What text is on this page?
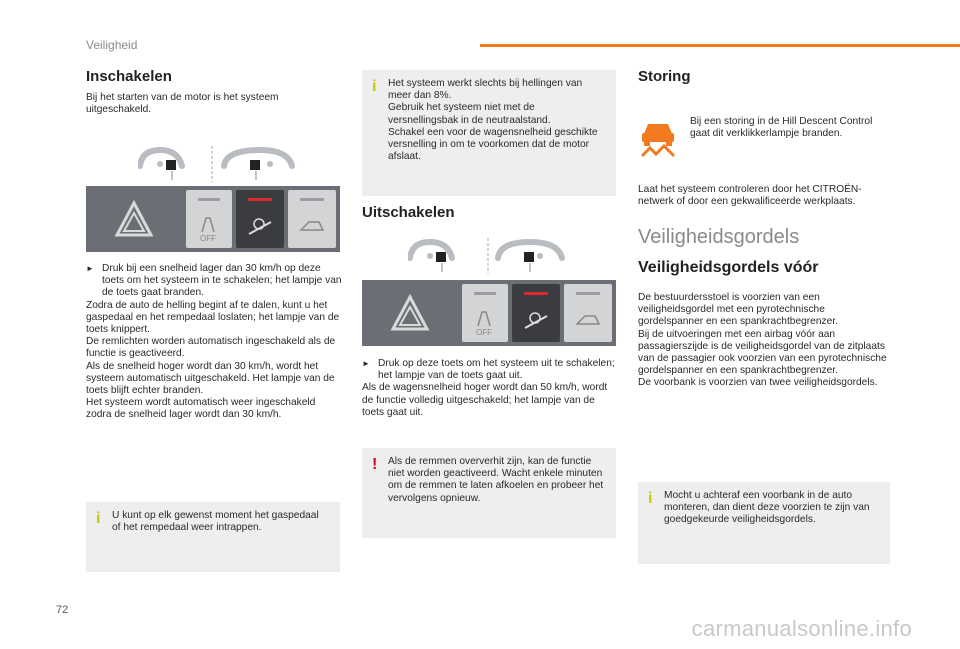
Veiligheid
Inschakelen
Bij het starten van de motor is het systeem uitgeschakeld.
OFF
► Druk bij een snelheid lager dan 30 km/h op deze toets om het systeem in te schakelen; het lampje van de toets gaat branden.

Zodra de auto de helling begint af te dalen, kunt u het gaspedaal en het rempedaal loslaten; het lampje van de toets knippert.

De remlichten worden automatisch ingeschakeld als de functie is geactiveerd.

Als de snelheid hoger wordt dan 30 km/h, wordt het systeem automatisch uitgeschakeld. Het lampje van de toets blijft echter branden.

Het systeem wordt automatisch weer ingeschakeld zodra de snelheid lager wordt dan 30 km/h.

i U kunt op elk gewenst moment het gaspedaal of het rempedaal weer intrappen.
i Het systeem werkt slechts bij hellingen van meer dan 8%.

Gebruik het systeem niet met de versnellingsbak in de neutraalstand.

Schakel een voor de wagensnelheid geschikte versnelling in om te voorkomen dat de motor afslaat.

Uitschakelen
OFF
► Druk op deze toets om het systeem uit te schakelen; het lampje van de toets gaat uit.

Als de wagensnelheid hoger wordt dan 50 km/h, wordt de functie volledig uitgeschakeld; het lampje van de toets gaat uit.

! Als de remmen oververhit zijn, kan de functie niet worden geactiveerd. Wacht enkele minuten om de remmen te laten afkoelen en probeer het vervolgens opnieuw.
Storing
Bij een storing in de Hill Descent Control gaat dit verklikkerlampje branden.
Laat het systeem controleren door het CITROËN-netwerk of door een gekwalificeerde werkplaats.
Veiligheidsgordels
Veiligheidsgordels vóór

De bestuurdersstoel is voorzien van een veiligheidsgordel met een pyrotechnische gordelspanner en een spankrachtbegrenzer.

Bij de uitvoeringen met een airbag vóór aan passagierszijde is de veiligheidsgordel van de zitplaats van de passagier ook voorzien van een pyrotechnische gordelspanner en een spankrachtbegrenzer.

De voorbank is voorzien van twee veiligheidsgordels.

i Mocht u achteraf een voorbank in de auto monteren, dan dient deze voorzien te zijn van goedgekeurde veiligheidsgordels.
72
carmanualsonline.info
